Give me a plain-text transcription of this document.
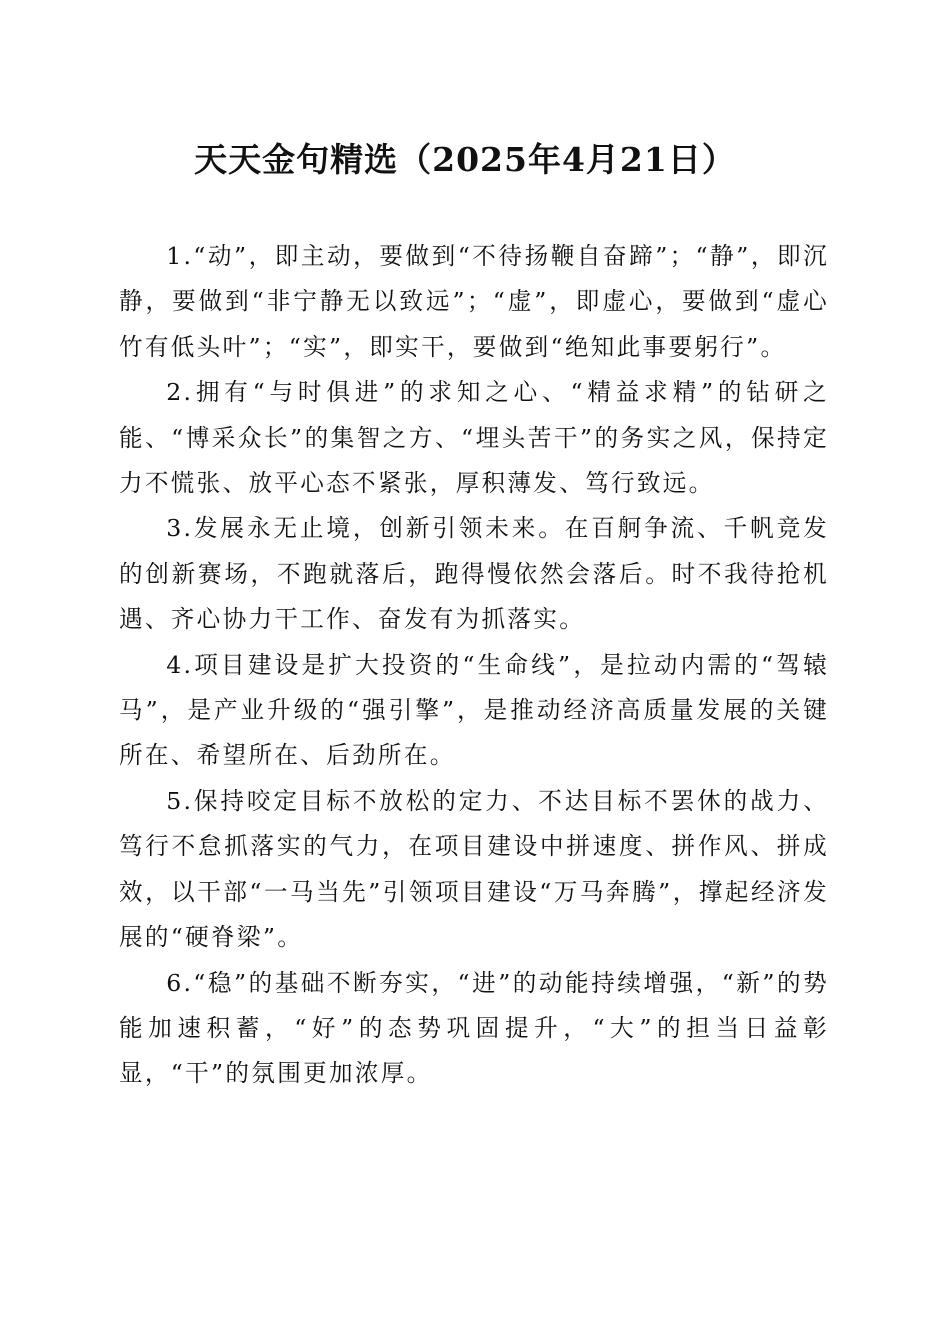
天天金句精选（2025年4月21日）

1.“动”，即主动，要做到“不待扬鞭自奋蹄”；“静”，即沉静，要做到“非宁静无以致远”；“虚”，即虚心，要做到“虚心竹有低头叶”；“实”，即实干，要做到“绝知此事要躬行”。

2.拥有“与时俱进”的求知之心、“精益求精”的钻研之能、“博采众长”的集智之方、“埋头苦干”的务实之风，保持定力不慌张、放平心态不紧张，厚积薄发、笃行致远。

3.发展永无止境，创新引领未来。在百舸争流、千帆竞发的创新赛场，不跑就落后，跑得慢依然会落后。时不我待抢机遇、齐心协力干工作、奋发有为抓落实。

4.项目建设是扩大投资的“生命线”，是拉动内需的“驾辕马”，是产业升级的“强引擎”，是推动经济高质量发展的关键所在、希望所在、后劲所在。

5.保持咬定目标不放松的定力、不达目标不罢休的战力、笃行不怠抓落实的气力，在项目建设中拼速度、拼作风、拼成效，以干部“一马当先”引领项目建设“万马奔腾”，撑起经济发展的“硬脊梁”。

6.“稳”的基础不断夯实，“进”的动能持续增强，“新”的势能加速积蓄，“好”的态势巩固提升，“大”的担当日益彰显，“干”的氛围更加浓厚。
